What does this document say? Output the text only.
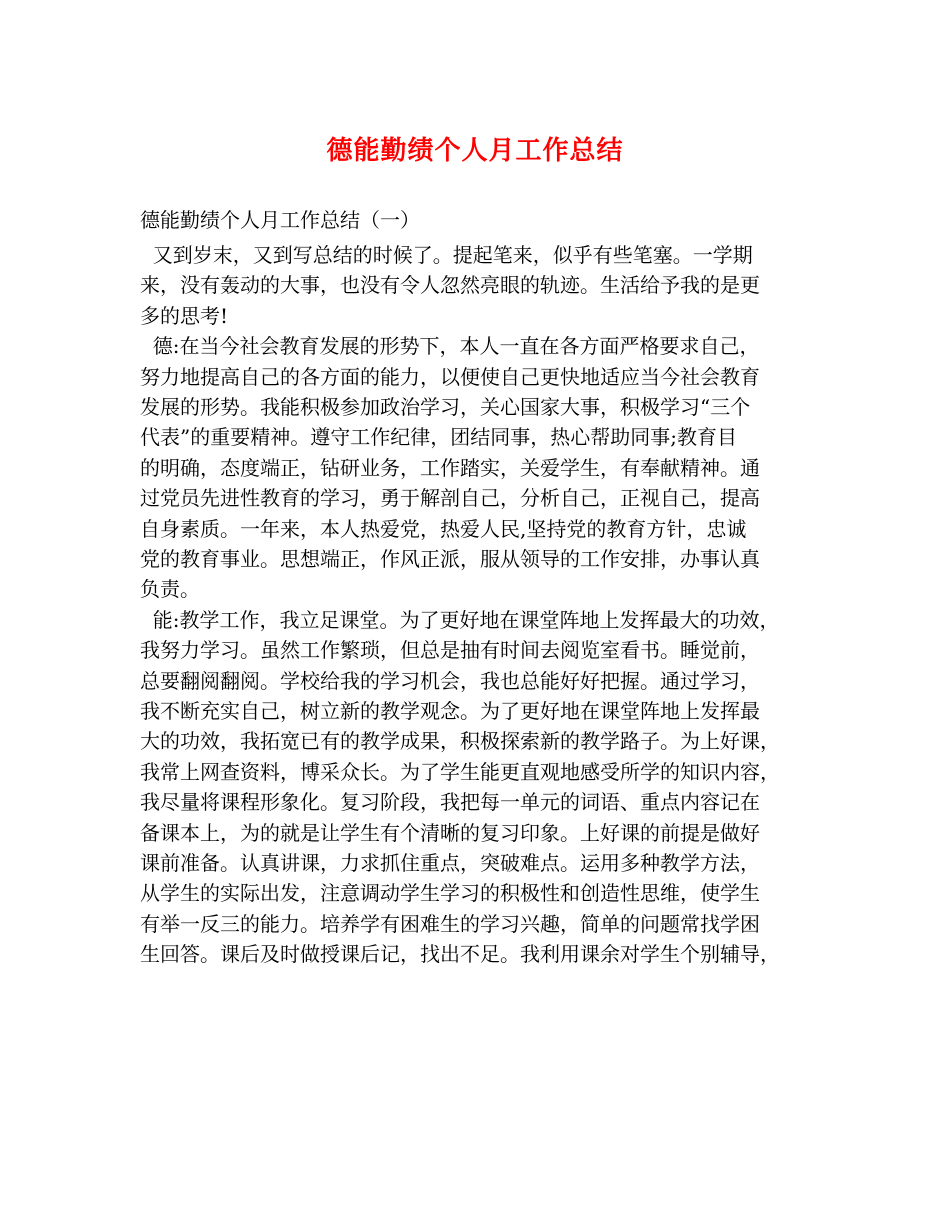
德能勤绩个人月工作总结
德能勤绩个人月工作总结（一）
又到岁末，又到写总结的时候了。提起笔来，似乎有些笔塞。一学期
来，没有轰动的大事，也没有令人忽然亮眼的轨迹。生活给予我的是更
多的思考!
德:在当今社会教育发展的形势下，本人一直在各方面严格要求自己，
努力地提高自己的各方面的能力，以便使自己更快地适应当今社会教育
发展的形势。我能积极参加政治学习，关心国家大事，积极学习“三个
代表”的重要精神。遵守工作纪律，团结同事，热心帮助同事;教育目
的明确，态度端正，钻研业务，工作踏实，关爱学生，有奉献精神。通
过党员先进性教育的学习，勇于解剖自己，分析自己，正视自己，提高
自身素质。一年来，本人热爱党，热爱人民,坚持党的教育方针，忠诚
党的教育事业。思想端正，作风正派，服从领导的工作安排，办事认真
负责。
能:教学工作，我立足课堂。为了更好地在课堂阵地上发挥最大的功效，
我努力学习。虽然工作繁琐，但总是抽有时间去阅览室看书。睡觉前，
总要翻阅翻阅。学校给我的学习机会，我也总能好好把握。通过学习，
我不断充实自己，树立新的教学观念。为了更好地在课堂阵地上发挥最
大的功效，我拓宽已有的教学成果，积极探索新的教学路子。为上好课，
我常上网查资料，博采众长。为了学生能更直观地感受所学的知识内容，
我尽量将课程形象化。复习阶段，我把每一单元的词语、重点内容记在
备课本上，为的就是让学生有个清晰的复习印象。上好课的前提是做好
课前准备。认真讲课，力求抓住重点，突破难点。运用多种教学方法，
从学生的实际出发，注意调动学生学习的积极性和创造性思维，使学生
有举一反三的能力。培养学有困难生的学习兴趣，简单的问题常找学困
生回答。课后及时做授课后记，找出不足。我利用课余对学生个别辅导，
